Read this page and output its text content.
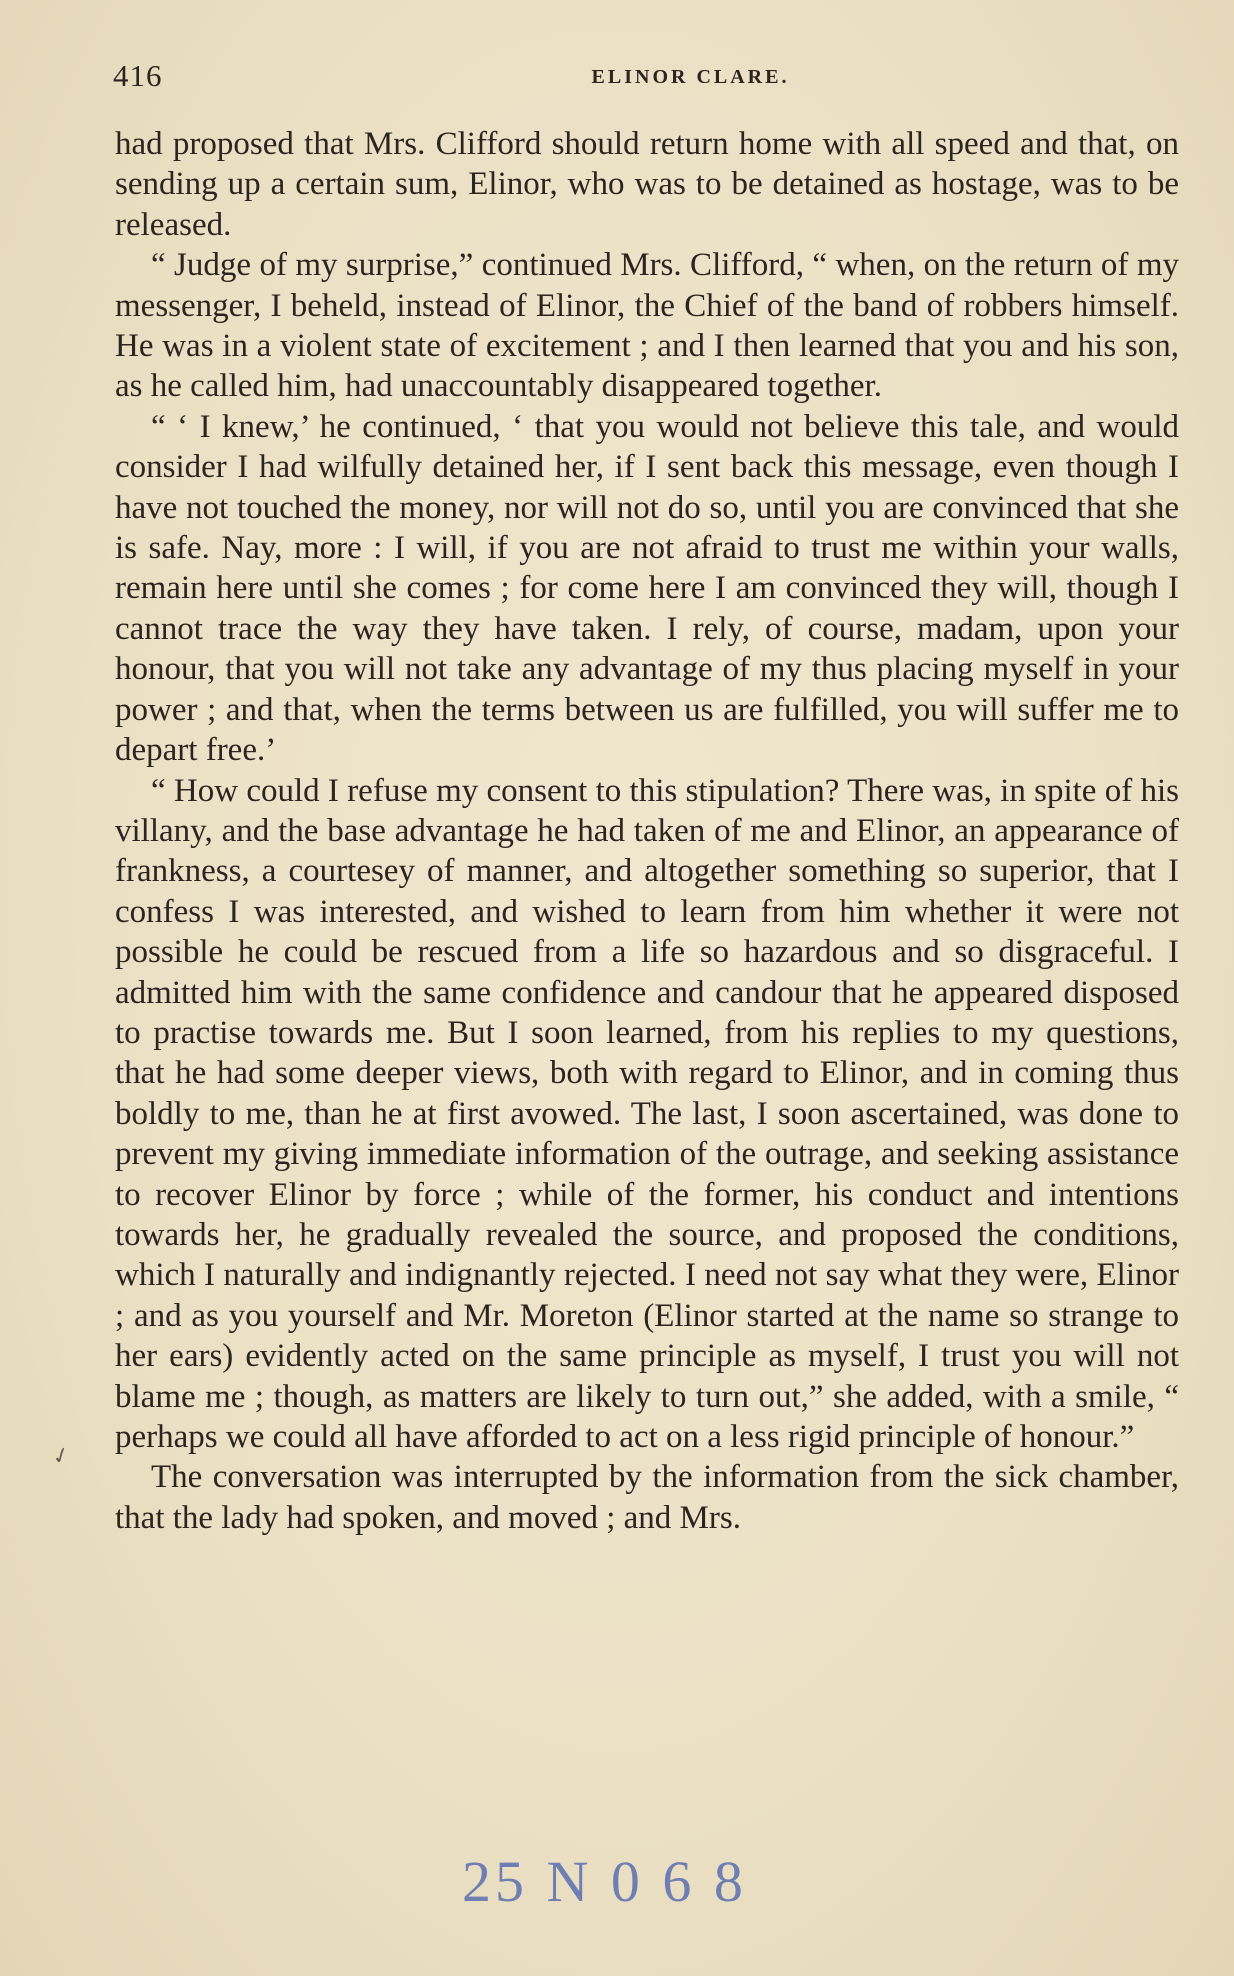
416	ELINOR CLARE.

had proposed that Mrs. Clifford should return home with all speed and that, on sending up a certain sum, Elinor, who was to be detained as hostage, was to be released.

“ Judge of my surprise,” continued Mrs. Clifford, “ when, on the return of my messenger, I beheld, instead of Elinor, the Chief of the band of robbers himself. He was in a violent state of excitement ; and I then learned that you and his son, as he called him, had unaccountably disappeared together.

“ ‘ I knew,’ he continued, ‘ that you would not believe this tale, and would consider I had wilfully detained her, if I sent back this message, even though I have not touched the money, nor will not do so, until you are convinced that she is safe. Nay, more : I will, if you are not afraid to trust me within your walls, remain here until she comes ; for come here I am convinced they will, though I cannot trace the way they have taken. I rely, of course, madam, upon your honour, that you will not take any advantage of my thus placing myself in your power ; and that, when the terms between us are fulfilled, you will suffer me to depart free.’

“ How could I refuse my consent to this stipulation? There was, in spite of his villany, and the base advantage he had taken of me and Elinor, an appearance of frankness, a courtesey of manner, and altogether something so superior, that I confess I was interested, and wished to learn from him whether it were not possible he could be rescued from a life so hazardous and so disgraceful. I admitted him with the same confidence and candour that he appeared disposed to practise towards me. But I soon learned, from his replies to my questions, that he had some deeper views, both with regard to Elinor, and in coming thus boldly to me, than he at first avowed. The last, I soon ascertained, was done to prevent my giving immediate information of the outrage, and seeking assistance to recover Elinor by force ; while of the former, his conduct and intentions towards her, he gradually revealed the source, and proposed the conditions, which I naturally and indignantly rejected. I need not say what they were, Elinor ; and as you yourself and Mr. Moreton (Elinor started at the name so strange to her ears) evidently acted on the same principle as myself, I trust you will not blame me ; though, as matters are likely to turn out,” she added, with a smile, “ perhaps we could all have afforded to act on a less rigid principle of honour.”

The conversation was interrupted by the information from the sick chamber, that the lady had spoken, and moved ; and Mrs.

✓
25 N 0 6 8
